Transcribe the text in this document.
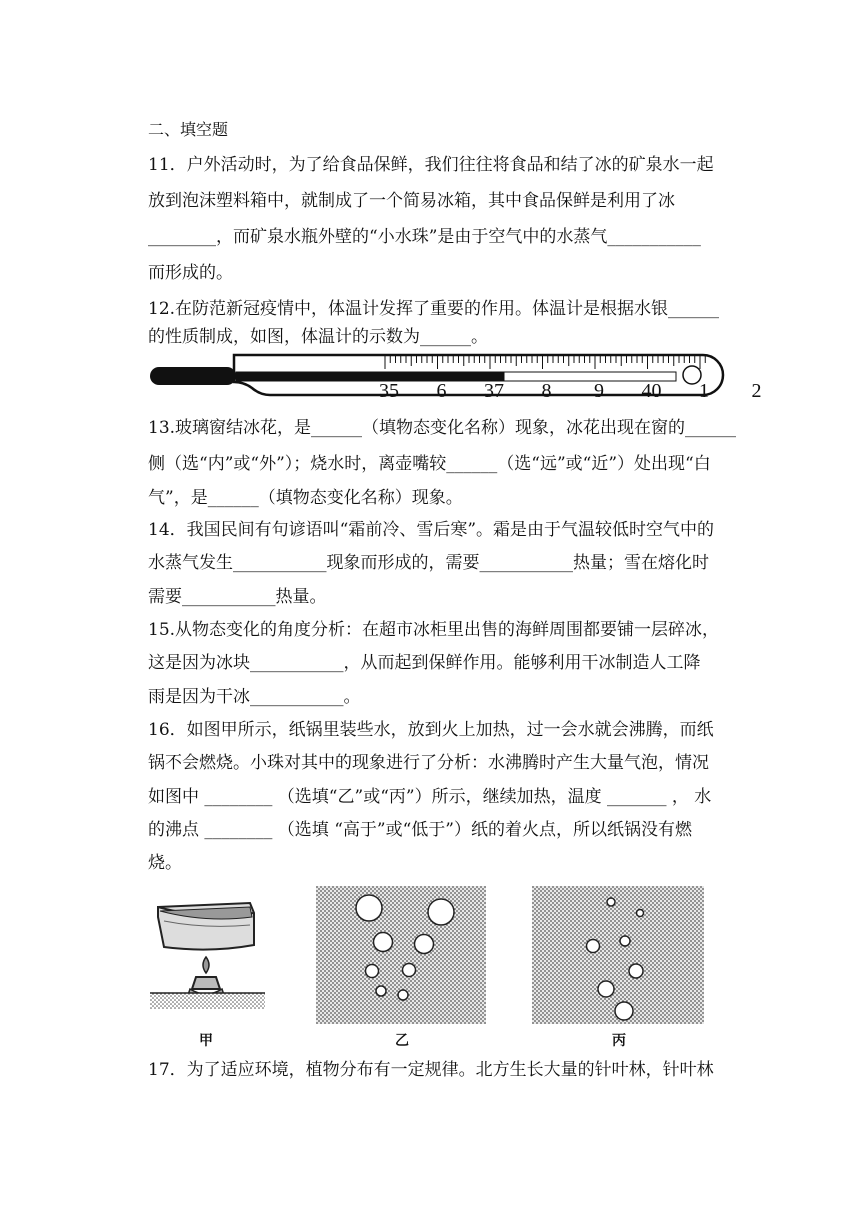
二、填空题
11．户外活动时，为了给食品保鲜，我们往往将食品和结了冰的矿泉水一起
放到泡沫塑料箱中，就制成了一个简易冰箱，其中食品保鲜是利用了冰
________，而矿泉水瓶外壁的“小水珠”是由于空气中的水蒸气___________
而形成的。
12.在防范新冠疫情中，体温计发挥了重要的作用。体温计是根据水银______
的性质制成，如图，体温计的示数为______。
35 6 37 8 9 40 1 2
13.玻璃窗结冰花，是______（填物态变化名称）现象，冰花出现在窗的______
侧（选“内”或“外”）；烧水时，离壶嘴较______（选“远”或“近”）处出现“白
气”，是______（填物态变化名称）现象。
14．我国民间有句谚语叫“霜前冷、雪后寒”。霜是由于气温较低时空气中的
水蒸气发生___________现象而形成的，需要___________热量；雪在熔化时
需要___________热量。
15.从物态变化的角度分析：在超市冰柜里出售的海鲜周围都要铺一层碎冰，
这是因为冰块___________，从而起到保鲜作用。能够利用干冰制造人工降
雨是因为干冰___________。
16．如图甲所示，纸锅里装些水，放到火上加热，过一会水就会沸腾，而纸
锅不会燃烧。小珠对其中的现象进行了分析：水沸腾时产生大量气泡，情况
如图中 ________ （选填“乙”或“丙”）所示，继续加热，温度 _______ ， 水
的沸点 ________ （选填 “高于”或“低于”）纸的着火点，所以纸锅没有燃
烧。
甲	乙	丙
17．为了适应环境，植物分布有一定规律。北方生长大量的针叶林，针叶林
